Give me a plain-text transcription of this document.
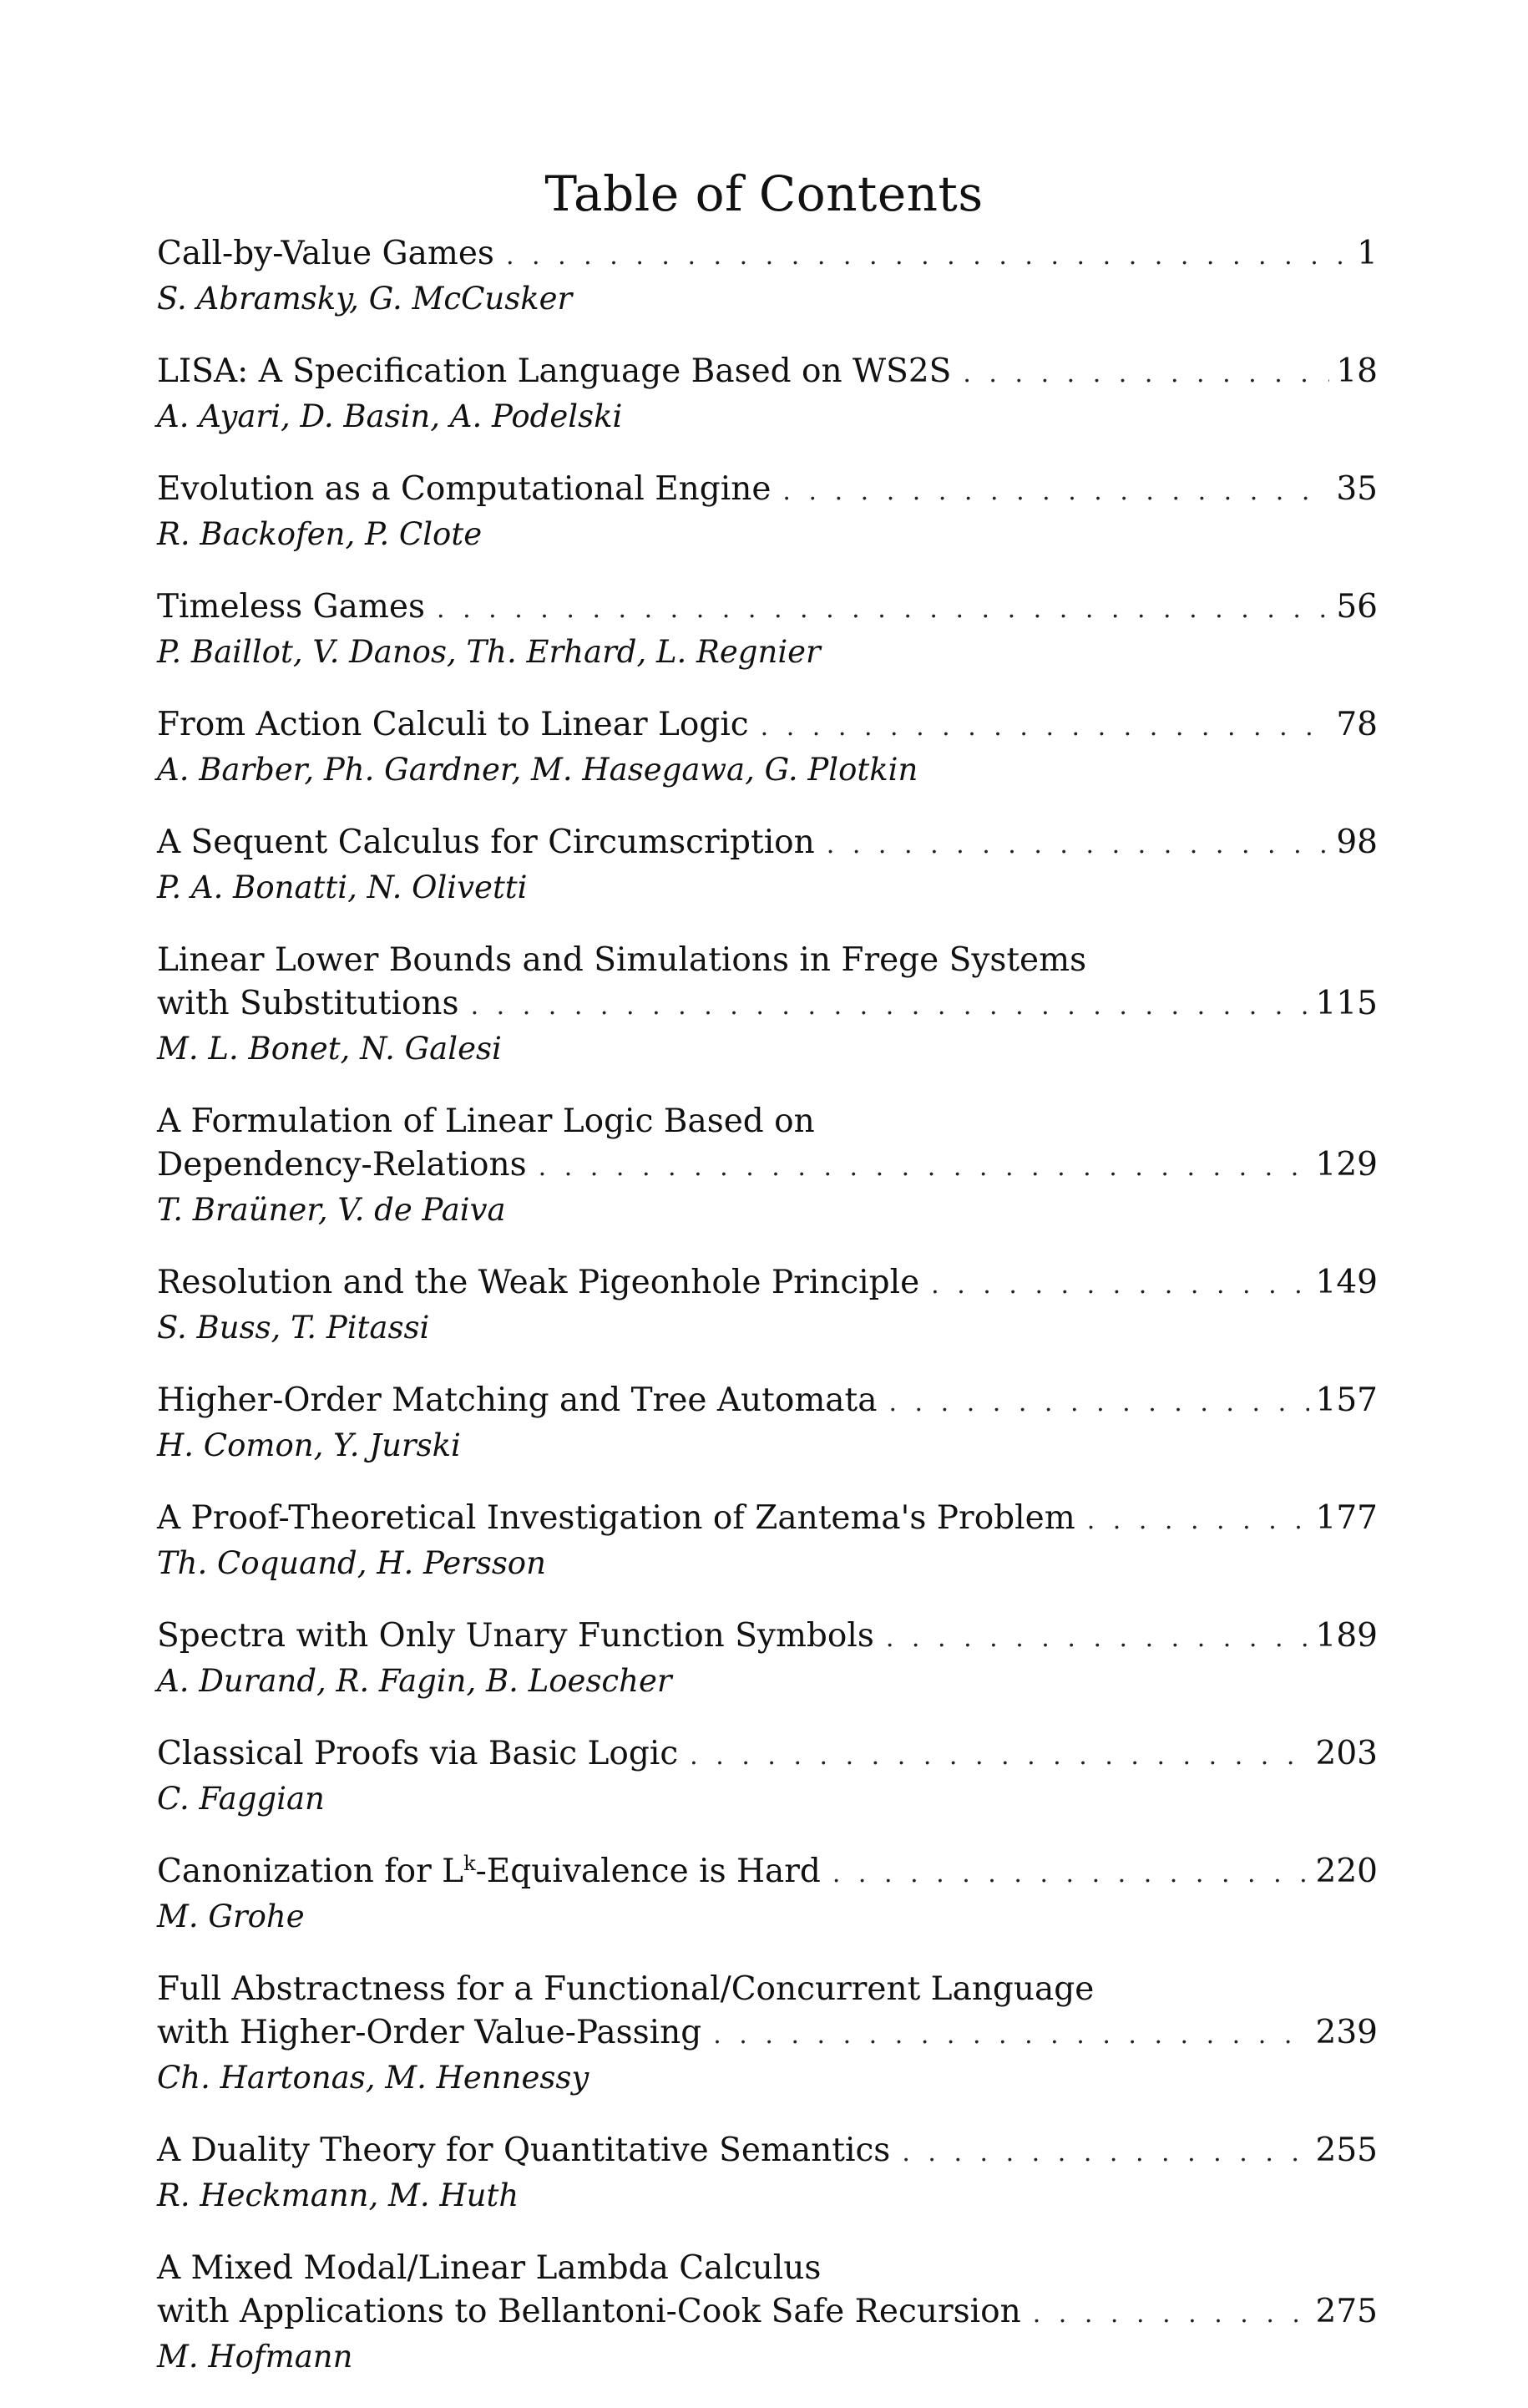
Table of Contents
Call-by-Value Games . . .	1
S. Abramsky, G. McCusker
LISA: A Specification Language Based on WS2S . . .	18
A. Ayari, D. Basin, A. Podelski
Evolution as a Computational Engine . . .	35
R. Backofen, P. Clote
Timeless Games . . .	56
P. Baillot, V. Danos, Th. Erhard, L. Regnier
From Action Calculi to Linear Logic . . .	78
A. Barber, Ph. Gardner, M. Hasegawa, G. Plotkin
A Sequent Calculus for Circumscription . . .	98
P. A. Bonatti, N. Olivetti
Linear Lower Bounds and Simulations in Frege Systems
with Substitutions . . .	115
M. L. Bonet, N. Galesi
A Formulation of Linear Logic Based on
Dependency-Relations . . .	129
T. Braüner, V. de Paiva
Resolution and the Weak Pigeonhole Principle . . .	149
S. Buss, T. Pitassi
Higher-Order Matching and Tree Automata . . .	157
H. Comon, Y. Jurski
A Proof-Theoretical Investigation of Zantema's Problem . . .	177
Th. Coquand, H. Persson
Spectra with Only Unary Function Symbols . . .	189
A. Durand, R. Fagin, B. Loescher
Classical Proofs via Basic Logic . . .	203
C. Faggian
Canonization for $L^k$-Equivalence is Hard . . .	220
M. Grohe
Full Abstractness for a Functional/Concurrent Language
with Higher-Order Value-Passing . . .	239
Ch. Hartonas, M. Hennessy
A Duality Theory for Quantitative Semantics . . .	255
R. Heckmann, M. Huth
A Mixed Modal/Linear Lambda Calculus
with Applications to Bellantoni-Cook Safe Recursion . . .	275
M. Hofmann
